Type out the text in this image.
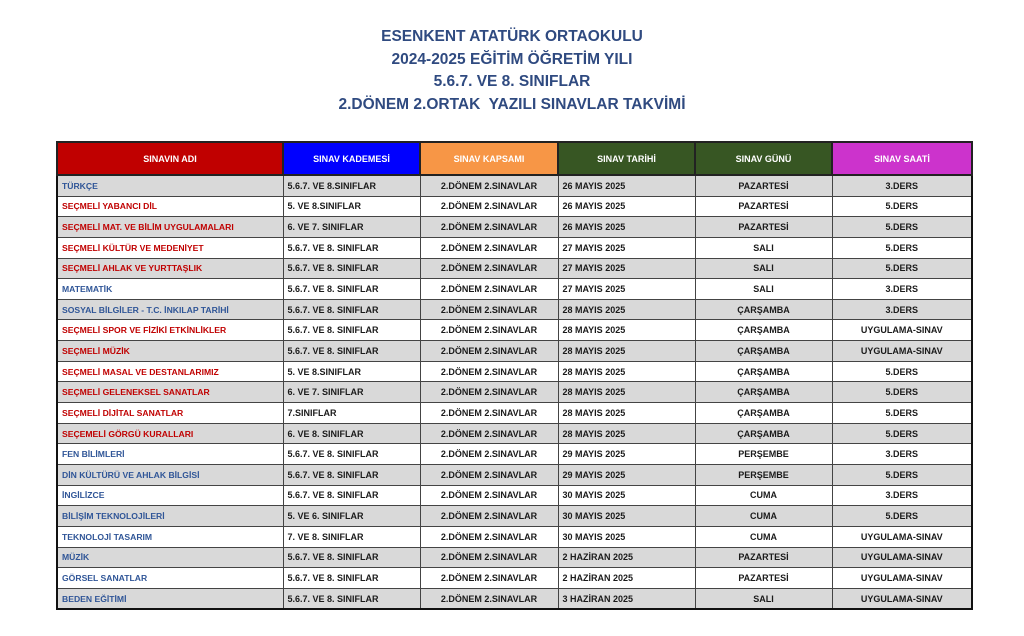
ESENKENT ATATÜRK ORTAOKULU
2024-2025 EĞİTİM ÖĞRETİM YILI
5.6.7. VE 8. SINIFLAR
2.DÖNEM 2.ORTAK  YAZILI SINAVLAR TAKVİMİ
SINAVIN ADI	SINAV KADEMESİ	SINAV KAPSAMI	SINAV TARİHİ	SINAV GÜNÜ	SINAV SAATİ
TÜRKÇE	5.6.7. VE 8.SINIFLAR	2.DÖNEM 2.SINAVLAR	26 MAYIS 2025	PAZARTESİ	3.DERS
SEÇMELİ YABANCI DİL	5. VE 8.SINIFLAR	2.DÖNEM 2.SINAVLAR	26 MAYIS 2025	PAZARTESİ	5.DERS
SEÇMELİ MAT. VE BİLİM UYGULAMALARI	6. VE 7. SINIFLAR	2.DÖNEM 2.SINAVLAR	26 MAYIS 2025	PAZARTESİ	5.DERS
SEÇMELİ KÜLTÜR VE MEDENİYET	5.6.7. VE 8. SINIFLAR	2.DÖNEM 2.SINAVLAR	27 MAYIS 2025	SALI	5.DERS
SEÇMELİ AHLAK VE YURTTAŞLIK	5.6.7. VE 8. SINIFLAR	2.DÖNEM 2.SINAVLAR	27 MAYIS 2025	SALI	5.DERS
MATEMATİK	5.6.7. VE 8. SINIFLAR	2.DÖNEM 2.SINAVLAR	27 MAYIS 2025	SALI	3.DERS
SOSYAL BİLGİLER - T.C. İNKILAP TARİHİ	5.6.7. VE 8. SINIFLAR	2.DÖNEM 2.SINAVLAR	28 MAYIS 2025	ÇARŞAMBA	3.DERS
SEÇMELİ SPOR VE FİZİKİ ETKİNLİKLER	5.6.7. VE 8. SINIFLAR	2.DÖNEM 2.SINAVLAR	28 MAYIS 2025	ÇARŞAMBA	UYGULAMA-SINAV
SEÇMELİ MÜZİK	5.6.7. VE 8. SINIFLAR	2.DÖNEM 2.SINAVLAR	28 MAYIS 2025	ÇARŞAMBA	UYGULAMA-SINAV
SEÇMELİ MASAL VE DESTANLARIMIZ	5. VE 8.SINIFLAR	2.DÖNEM 2.SINAVLAR	28 MAYIS 2025	ÇARŞAMBA	5.DERS
SEÇMELİ GELENEKSEL SANATLAR	6. VE 7. SINIFLAR	2.DÖNEM 2.SINAVLAR	28 MAYIS 2025	ÇARŞAMBA	5.DERS
SEÇMELİ DİJİTAL SANATLAR	7.SINIFLAR	2.DÖNEM 2.SINAVLAR	28 MAYIS 2025	ÇARŞAMBA	5.DERS
SEÇEMELİ GÖRGÜ KURALLARI	6. VE 8. SINIFLAR	2.DÖNEM 2.SINAVLAR	28 MAYIS 2025	ÇARŞAMBA	5.DERS
FEN BİLİMLERİ	5.6.7. VE 8. SINIFLAR	2.DÖNEM 2.SINAVLAR	29 MAYIS 2025	PERŞEMBE	3.DERS
DİN KÜLTÜRÜ VE AHLAK BİLGİSİ	5.6.7. VE 8. SINIFLAR	2.DÖNEM 2.SINAVLAR	29 MAYIS 2025	PERŞEMBE	5.DERS
İNGİLİZCE	5.6.7. VE 8. SINIFLAR	2.DÖNEM 2.SINAVLAR	30 MAYIS 2025	CUMA	3.DERS
BİLİŞİM TEKNOLOJİLERİ	5. VE 6. SINIFLAR	2.DÖNEM 2.SINAVLAR	30 MAYIS 2025	CUMA	5.DERS
TEKNOLOJİ TASARIM	7. VE 8. SINIFLAR	2.DÖNEM 2.SINAVLAR	30 MAYIS 2025	CUMA	UYGULAMA-SINAV
MÜZİK	5.6.7. VE 8. SINIFLAR	2.DÖNEM 2.SINAVLAR	2 HAZİRAN 2025	PAZARTESİ	UYGULAMA-SINAV
GÖRSEL SANATLAR	5.6.7. VE 8. SINIFLAR	2.DÖNEM 2.SINAVLAR	2 HAZİRAN 2025	PAZARTESİ	UYGULAMA-SINAV
BEDEN EĞİTİMİ	5.6.7. VE 8. SINIFLAR	2.DÖNEM 2.SINAVLAR	3 HAZİRAN 2025	SALI	UYGULAMA-SINAV
